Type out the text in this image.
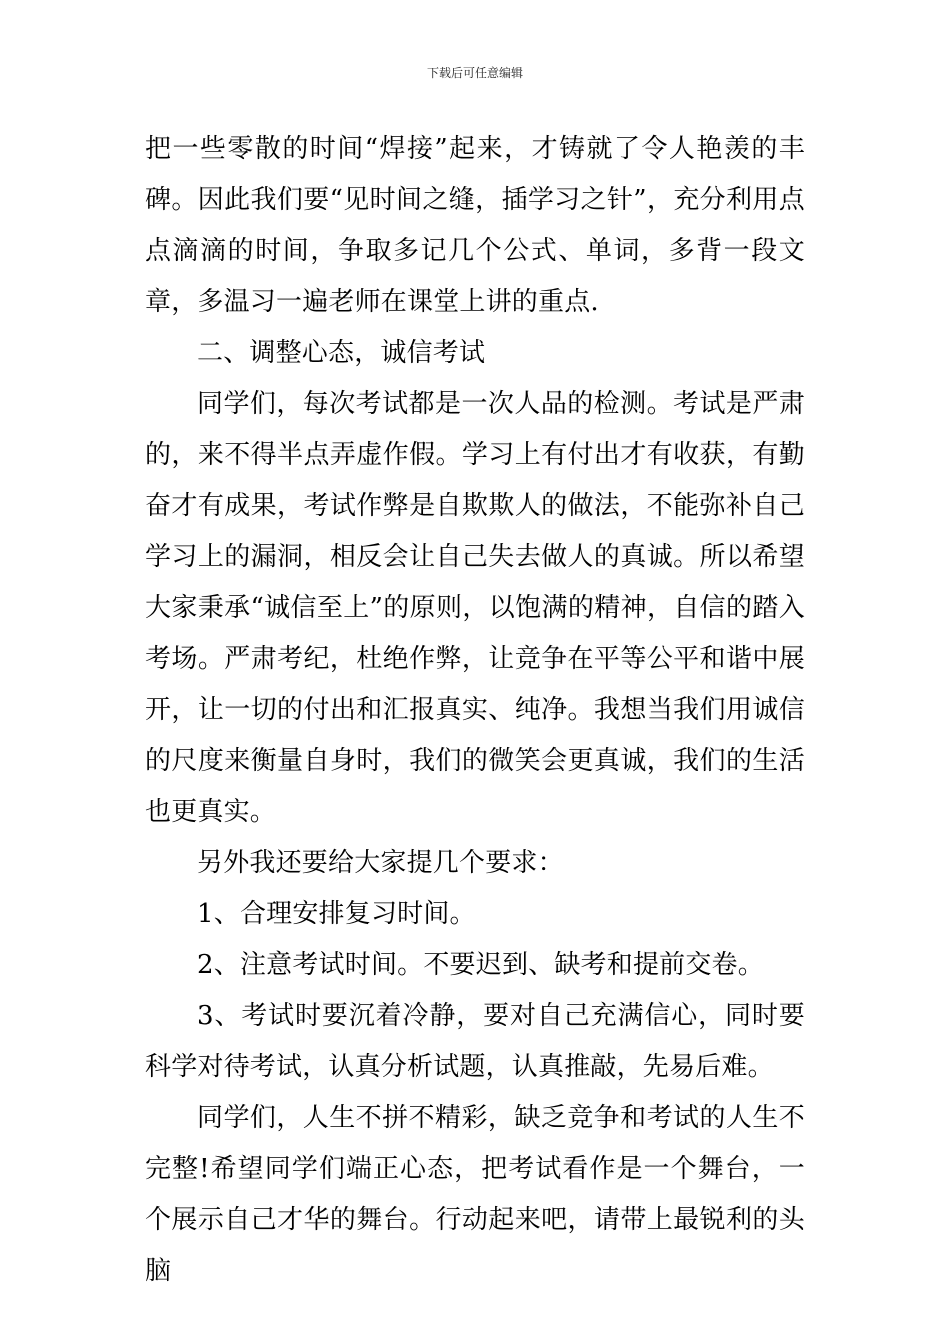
下载后可任意编辑

把一些零散的时间“焊接”起来，才铸就了令人艳羡的丰碑。因此我们要“见时间之缝，插学习之针”，充分利用点点滴滴的时间，争取多记几个公式、单词，多背一段文章，多温习一遍老师在课堂上讲的重点.

二、调整心态，诚信考试

同学们，每次考试都是一次人品的检测。考试是严肃的，来不得半点弄虚作假。学习上有付出才有收获，有勤奋才有成果，考试作弊是自欺欺人的做法，不能弥补自己学习上的漏洞，相反会让自己失去做人的真诚。所以希望大家秉承“诚信至上”的原则，以饱满的精神，自信的踏入考场。严肃考纪，杜绝作弊，让竞争在平等公平和谐中展开，让一切的付出和汇报真实、纯净。我想当我们用诚信的尺度来衡量自身时，我们的微笑会更真诚，我们的生活也更真实。

另外我还要给大家提几个要求：

1、合理安排复习时间。

2、注意考试时间。不要迟到、缺考和提前交卷。

3、考试时要沉着冷静，要对自己充满信心，同时要科学对待考试，认真分析试题，认真推敲，先易后难。

同学们，人生不拼不精彩，缺乏竞争和考试的人生不完整!希望同学们端正心态，把考试看作是一个舞台，一个展示自己才华的舞台。行动起来吧，请带上最锐利的头脑
